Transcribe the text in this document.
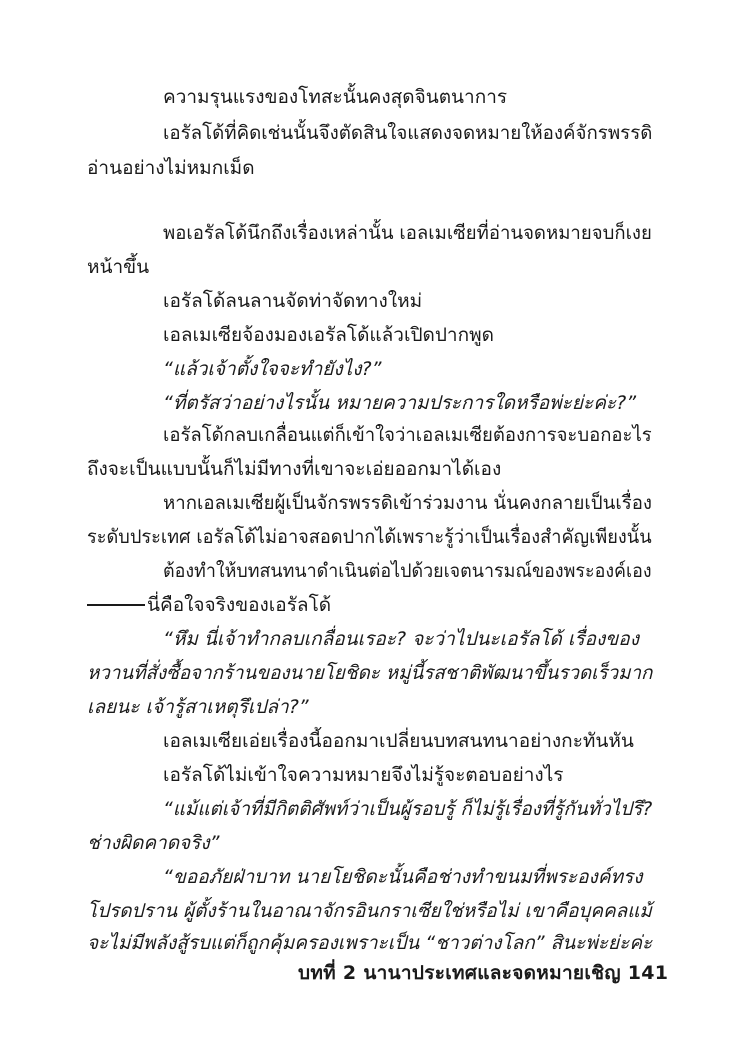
ความรุนแรงของโทสะนั้นคงสุดจินตนาการ
เอรัลโด้ที่คิดเช่นนั้นจึงตัดสินใจแสดงจดหมายให้องค์จักรพรรดิ
อ่านอย่างไม่หมกเม็ด
พอเอรัลโด้นึกถึงเรื่องเหล่านั้น เอลเมเซียที่อ่านจดหมายจบก็เงย
หน้าขึ้น
เอรัลโด้ลนลานจัดท่าจัดทางใหม่
เอลเมเซียจ้องมองเอรัลโด้แล้วเปิดปากพูด
“แล้วเจ้าตั้งใจจะทำยังไง?”
“ที่ตรัสว่าอย่างไรนั้น หมายความประการใดหรือพ่ะย่ะค่ะ?”
เอรัลโด้กลบเกลื่อนแต่ก็เข้าใจว่าเอลเมเซียต้องการจะบอกอะไร
ถึงจะเป็นแบบนั้นก็ไม่มีทางที่เขาจะเอ่ยออกมาได้เอง
หากเอลเมเซียผู้เป็นจักรพรรดิเข้าร่วมงาน นั่นคงกลายเป็นเรื่อง
ระดับประเทศ เอรัลโด้ไม่อาจสอดปากได้เพราะรู้ว่าเป็นเรื่องสำคัญเพียงนั้น
ต้องทำให้บทสนทนาดำเนินต่อไปด้วยเจตนารมณ์ของพระองค์เอง
นี่คือใจจริงของเอรัลโด้
“หึม นี่เจ้าทำกลบเกลื่อนเรอะ? จะว่าไปนะเอรัลโด้ เรื่องของ
หวานที่สั่งซื้อจากร้านของนายโยชิดะ หมู่นี้รสชาติพัฒนาขึ้นรวดเร็วมาก
เลยนะ เจ้ารู้สาเหตุรึเปล่า?”
เอลเมเซียเอ่ยเรื่องนี้ออกมาเปลี่ยนบทสนทนาอย่างกะทันหัน
เอรัลโด้ไม่เข้าใจความหมายจึงไม่รู้จะตอบอย่างไร
“แม้แต่เจ้าที่มีกิตติศัพท์ว่าเป็นผู้รอบรู้ ก็ไม่รู้เรื่องที่รู้กันทั่วไปรึ?
ช่างผิดคาดจริง”
“ขออภัยฝ่าบาท นายโยชิดะนั้นคือช่างทำขนมที่พระองค์ทรง
โปรดปราน ผู้ตั้งร้านในอาณาจักรอินกราเซียใช่หรือไม่ เขาคือบุคคลแม้
จะไม่มีพลังสู้รบแต่ก็ถูกคุ้มครองเพราะเป็น “ชาวต่างโลก” สินะพ่ะย่ะค่ะ
บทที่ 2 นานาประเทศและจดหมายเชิญ 141
